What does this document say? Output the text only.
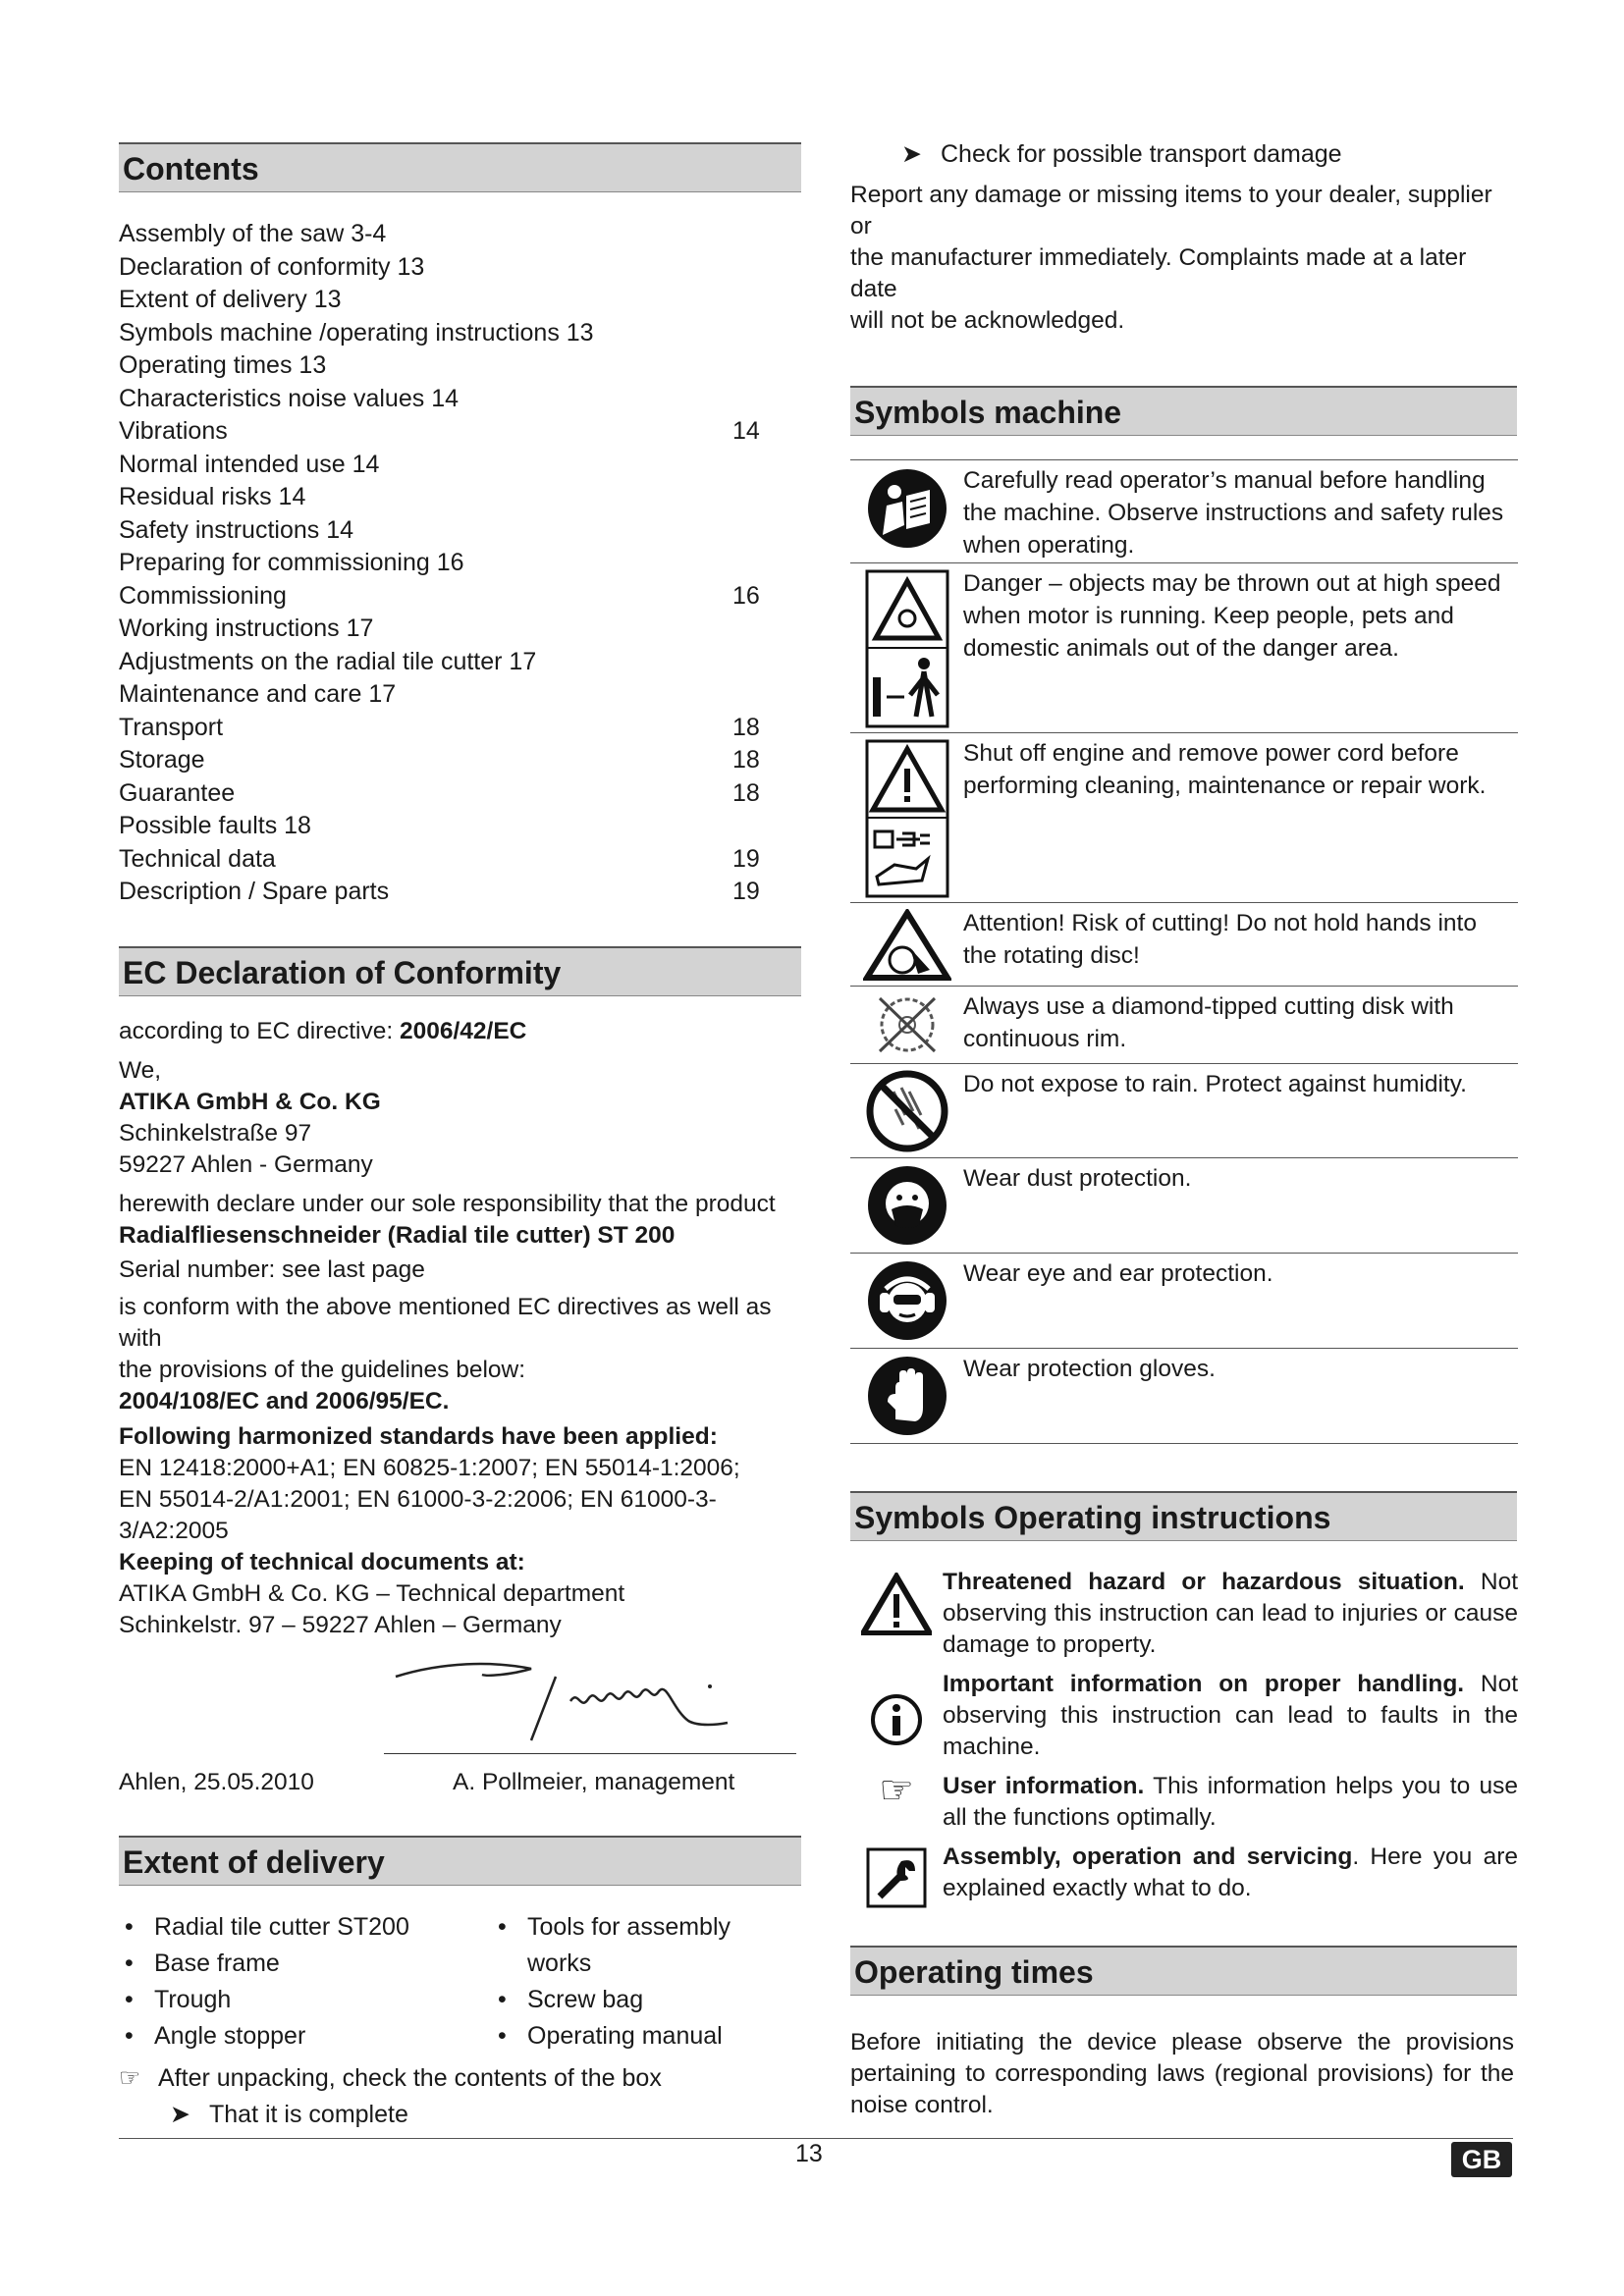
Contents
Assembly of the saw 3-4
Declaration of conformity 13
Extent of delivery 13
Symbols machine /operating instructions 13
Operating times 13
Characteristics noise values 14
Vibrations	14
Normal intended use 14
Residual risks 14
Safety instructions 14
Preparing for commissioning 16
Commissioning	16
Working instructions 17
Adjustments on the radial tile cutter 17
Maintenance and care 17
Transport	18
Storage	18
Guarantee	18
Possible faults 18
Technical data	19
Description / Spare parts	19
EC Declaration of Conformity
according to EC directive: 2006/42/EC
We,
ATIKA GmbH & Co. KG
Schinkelstraße 97
59227 Ahlen - Germany
herewith declare under our sole responsibility that the product
Radialfliesenschneider (Radial tile cutter) ST 200
Serial number: see last page
is conform with the above mentioned EC directives as well as with
the provisions of the guidelines below:
2004/108/EC and 2006/95/EC.
Following harmonized standards have been applied:
EN 12418:2000+A1; EN 60825-1:2007; EN 55014-1:2006;
EN 55014-2/A1:2001; EN 61000-3-2:2006; EN 61000-3-3/A2:2005
Keeping of technical documents at:
ATIKA GmbH & Co. KG – Technical department
Schinkelstr. 97 – 59227 Ahlen – Germany
Ahlen, 25.05.2010	A. Pollmeier, management
Extent of delivery
• Radial tile cutter ST200
• Base frame
• Trough
• Angle stopper
• Tools for assembly
works
• Screw bag
• Operating manual
☞ After unpacking, check the contents of the box
➤ That it is complete
➤ Check for possible transport damage
Report any damage or missing items to your dealer, supplier or
the manufacturer immediately. Complaints made at a later date
will not be acknowledged.
Symbols machine
Carefully read operator’s manual before handling the machine. Observe instructions and safety rules when operating.
Danger – objects may be thrown out at high speed when motor is running. Keep people, pets and domestic animals out of the danger area.
Shut off engine and remove power cord before performing cleaning, maintenance or repair work.
Attention! Risk of cutting! Do not hold hands into the rotating disc!
Always use a diamond-tipped cutting disk with continuous rim.
Do not expose to rain. Protect against humidity.
Wear dust protection.
Wear eye and ear protection.
Wear protection gloves.
Symbols Operating instructions
Threatened hazard or hazardous situation. Not observing this instruction can lead to injuries or cause damage to property.
Important information on proper handling. Not observing this instruction can lead to faults in the machine.
☞	User information. This information helps you to use all the functions optimally.
Assembly, operation and servicing. Here you are explained exactly what to do.
Operating times
Before initiating the device please observe the provisions pertaining to corresponding laws (regional provisions) for the noise control.
13	GB
